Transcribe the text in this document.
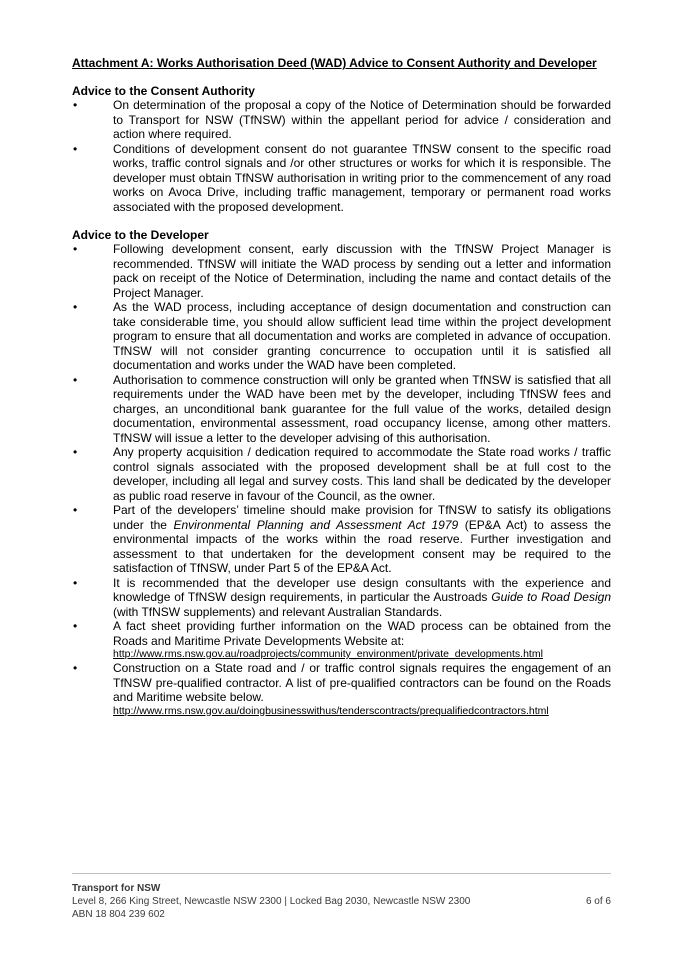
Attachment A: Works Authorisation Deed (WAD) Advice to Consent Authority and Developer
Advice to the Consent Authority
•	On determination of the proposal a copy of the Notice of Determination should be forwarded to Transport for NSW (TfNSW) within the appellant period for advice / consideration and action where required.
•	Conditions of development consent do not guarantee TfNSW consent to the specific road works, traffic control signals and /or other structures or works for which it is responsible. The developer must obtain TfNSW authorisation in writing prior to the commencement of any road works on Avoca Drive, including traffic management, temporary or permanent road works associated with the proposed development.
Advice to the Developer
•	Following development consent, early discussion with the TfNSW Project Manager is recommended. TfNSW will initiate the WAD process by sending out a letter and information pack on receipt of the Notice of Determination, including the name and contact details of the Project Manager.
•	As the WAD process, including acceptance of design documentation and construction can take considerable time, you should allow sufficient lead time within the project development program to ensure that all documentation and works are completed in advance of occupation. TfNSW will not consider granting concurrence to occupation until it is satisfied all documentation and works under the WAD have been completed.
•	Authorisation to commence construction will only be granted when TfNSW is satisfied that all requirements under the WAD have been met by the developer, including TfNSW fees and charges, an unconditional bank guarantee for the full value of the works, detailed design documentation, environmental assessment, road occupancy license, among other matters. TfNSW will issue a letter to the developer advising of this authorisation.
•	Any property acquisition / dedication required to accommodate the State road works / traffic control signals associated with the proposed development shall be at full cost to the developer, including all legal and survey costs. This land shall be dedicated by the developer as public road reserve in favour of the Council, as the owner.
•	Part of the developers’ timeline should make provision for TfNSW to satisfy its obligations under the Environmental Planning and Assessment Act 1979 (EP&A Act) to assess the environmental impacts of the works within the road reserve. Further investigation and assessment to that undertaken for the development consent may be required to the satisfaction of TfNSW, under Part 5 of the EP&A Act.
•	It is recommended that the developer use design consultants with the experience and knowledge of TfNSW design requirements, in particular the Austroads Guide to Road Design (with TfNSW supplements) and relevant Australian Standards.
•	A fact sheet providing further information on the WAD process can be obtained from the Roads and Maritime Private Developments Website at:
http://www.rms.nsw.gov.au/roadprojects/community_environment/private_developments.html
•	Construction on a State road and / or traffic control signals requires the engagement of an TfNSW pre-qualified contractor. A list of pre-qualified contractors can be found on the Roads and Maritime website below.
http://www.rms.nsw.gov.au/doingbusinesswithus/tenderscontracts/prequalifiedcontractors.html
Transport for NSW
Level 8, 266 King Street, Newcastle NSW 2300 | Locked Bag 2030, Newcastle NSW 2300	6 of 6
ABN 18 804 239 602
